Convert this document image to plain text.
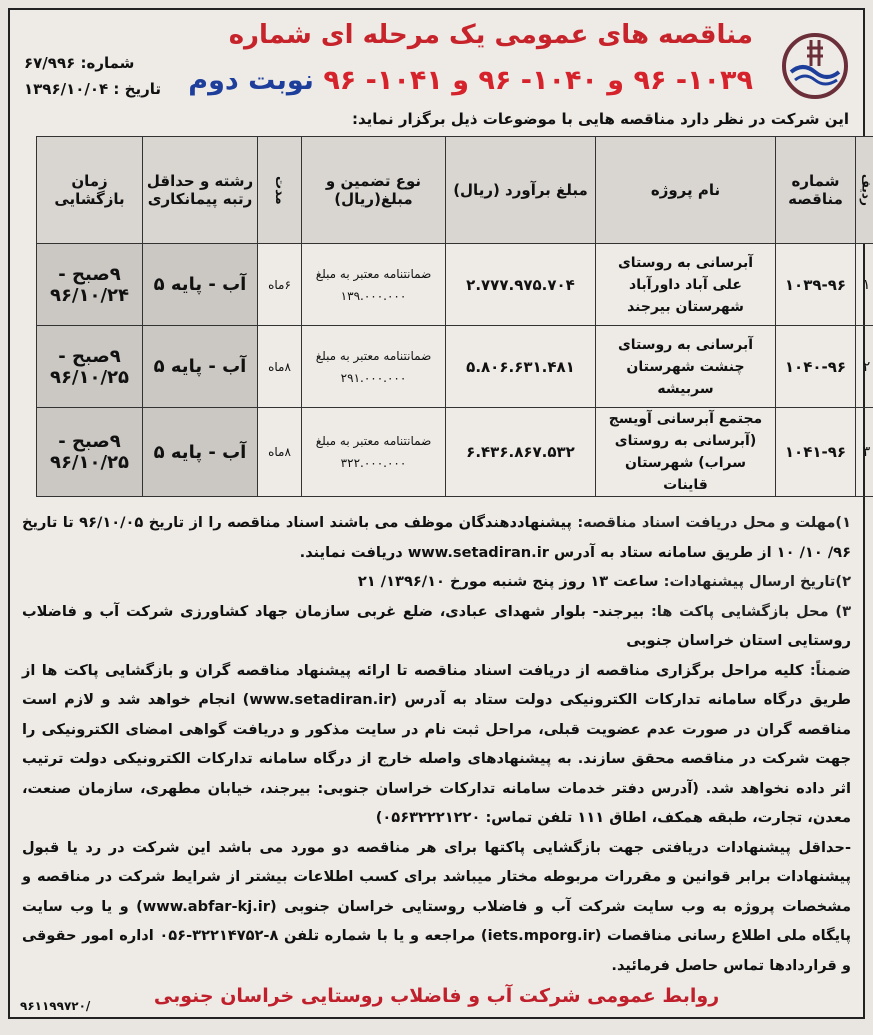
مناقصه های عمومی یک مرحله ای شماره
۱۰۳۹- ۹۶ و ۱۰۴۰- ۹۶ و ۱۰۴۱- ۹۶ نوبت دوم
شماره: ۶۷/۹۹۶
تاریخ : ۱۳۹۶/۱۰/۰۴
این شرکت در نظر دارد مناقصه هایی با موضوعات ذیل برگزار نماید:
ردیف	شماره مناقصه	نام پروژه	مبلغ برآورد (ریال)	نوع تضمین و مبلغ(ریال)	مدت	رشته و حداقل رتبه پیمانکاری	زمان بازگشایی
۱	۱۰۳۹-۹۶	آبرسانی به روستای علی آباد داورآباد شهرستان بیرجند	۲.۷۷۷.۹۷۵.۷۰۴	ضمانتنامه معتبر به مبلغ ۱۳۹.۰۰۰.۰۰۰	۶ماه	آب - پایه ۵	۹صبح - ۹۶/۱۰/۲۴
۲	۱۰۴۰-۹۶	آبرسانی به روستای چنشت شهرستان سربیشه	۵.۸۰۶.۶۳۱.۴۸۱	ضمانتنامه معتبر به مبلغ ۲۹۱.۰۰۰.۰۰۰	۸ماه	آب - پایه ۵	۹صبح - ۹۶/۱۰/۲۵
۳	۱۰۴۱-۹۶	مجتمع آبرسانی آویسج (آبرسانی به روستای سراب) شهرستان قاینات	۶.۴۳۶.۸۶۷.۵۳۲	ضمانتنامه معتبر به مبلغ ۳۲۲.۰۰۰.۰۰۰	۸ماه	آب - پایه ۵	۹صبح - ۹۶/۱۰/۲۵

۱)مهلت و محل دریافت اسناد مناقصه: پیشنهاددهندگان موظف می باشند اسناد مناقصه را از تاریخ ۹۶/۱۰/۰۵ تا تاریخ ۹۶/ ۱۰/ ۱۰ از طریق سامانه ستاد به آدرس www.setadiran.ir دریافت نمایند.

۲)تاریخ ارسال پیشنهادات: ساعت ۱۳ روز پنج شنبه مورخ ۱۳۹۶/۱۰/ ۲۱

۳) محل بازگشایی پاکت ها: بیرجند- بلوار شهدای عبادی، ضلع غربی سازمان جهاد کشاورزی شرکت آب و فاضلاب روستایی استان خراسان جنوبی

ضمناً: کلیه مراحل برگزاری مناقصه از دریافت اسناد مناقصه تا ارائه پیشنهاد مناقصه گران و بازگشایی پاکت ها از طریق درگاه سامانه تدارکات الکترونیکی دولت ستاد به آدرس (www.setadiran.ir) انجام خواهد شد و لازم است مناقصه گران در صورت عدم عضویت قبلی، مراحل ثبت نام در سایت مذکور و دریافت گواهی امضای الکترونیکی را جهت شرکت در مناقصه محقق سازند. به پیشنهادهای واصله خارج از درگاه سامانه تدارکات الکترونیکی دولت ترتیب اثر داده نخواهد شد. (آدرس دفتر خدمات سامانه تدارکات خراسان جنوبی: بیرجند، خیابان مطهری، سازمان صنعت، معدن، تجارت، طبقه همکف، اطاق ۱۱۱ تلفن تماس: ۰۵۶۳۲۲۲۱۲۲۰)

-حداقل پیشنهادات دریافتی جهت بازگشایی پاکتها برای هر مناقصه دو مورد می باشد این شرکت در رد یا قبول پیشنهادات برابر قوانین و مقررات مربوطه مختار میباشد برای کسب اطلاعات بیشتر از شرایط شرکت در مناقصه و مشخصات پروژه به وب سایت شرکت آب و فاضلاب روستایی خراسان جنوبی (www.abfar-kj.ir) و یا وب سایت پایگاه ملی اطلاع رسانی مناقصات (iets.mporg.ir) مراجعه و یا با شماره تلفن ۸-۳۲۲۱۴۷۵۲-۰۵۶ اداره امور حقوقی و قراردادها تماس حاصل فرمائید.

روابط عمومی شرکت آب و فاضلاب روستایی خراسان جنوبی
۹۶۱۱۹۹۷۲۰/
